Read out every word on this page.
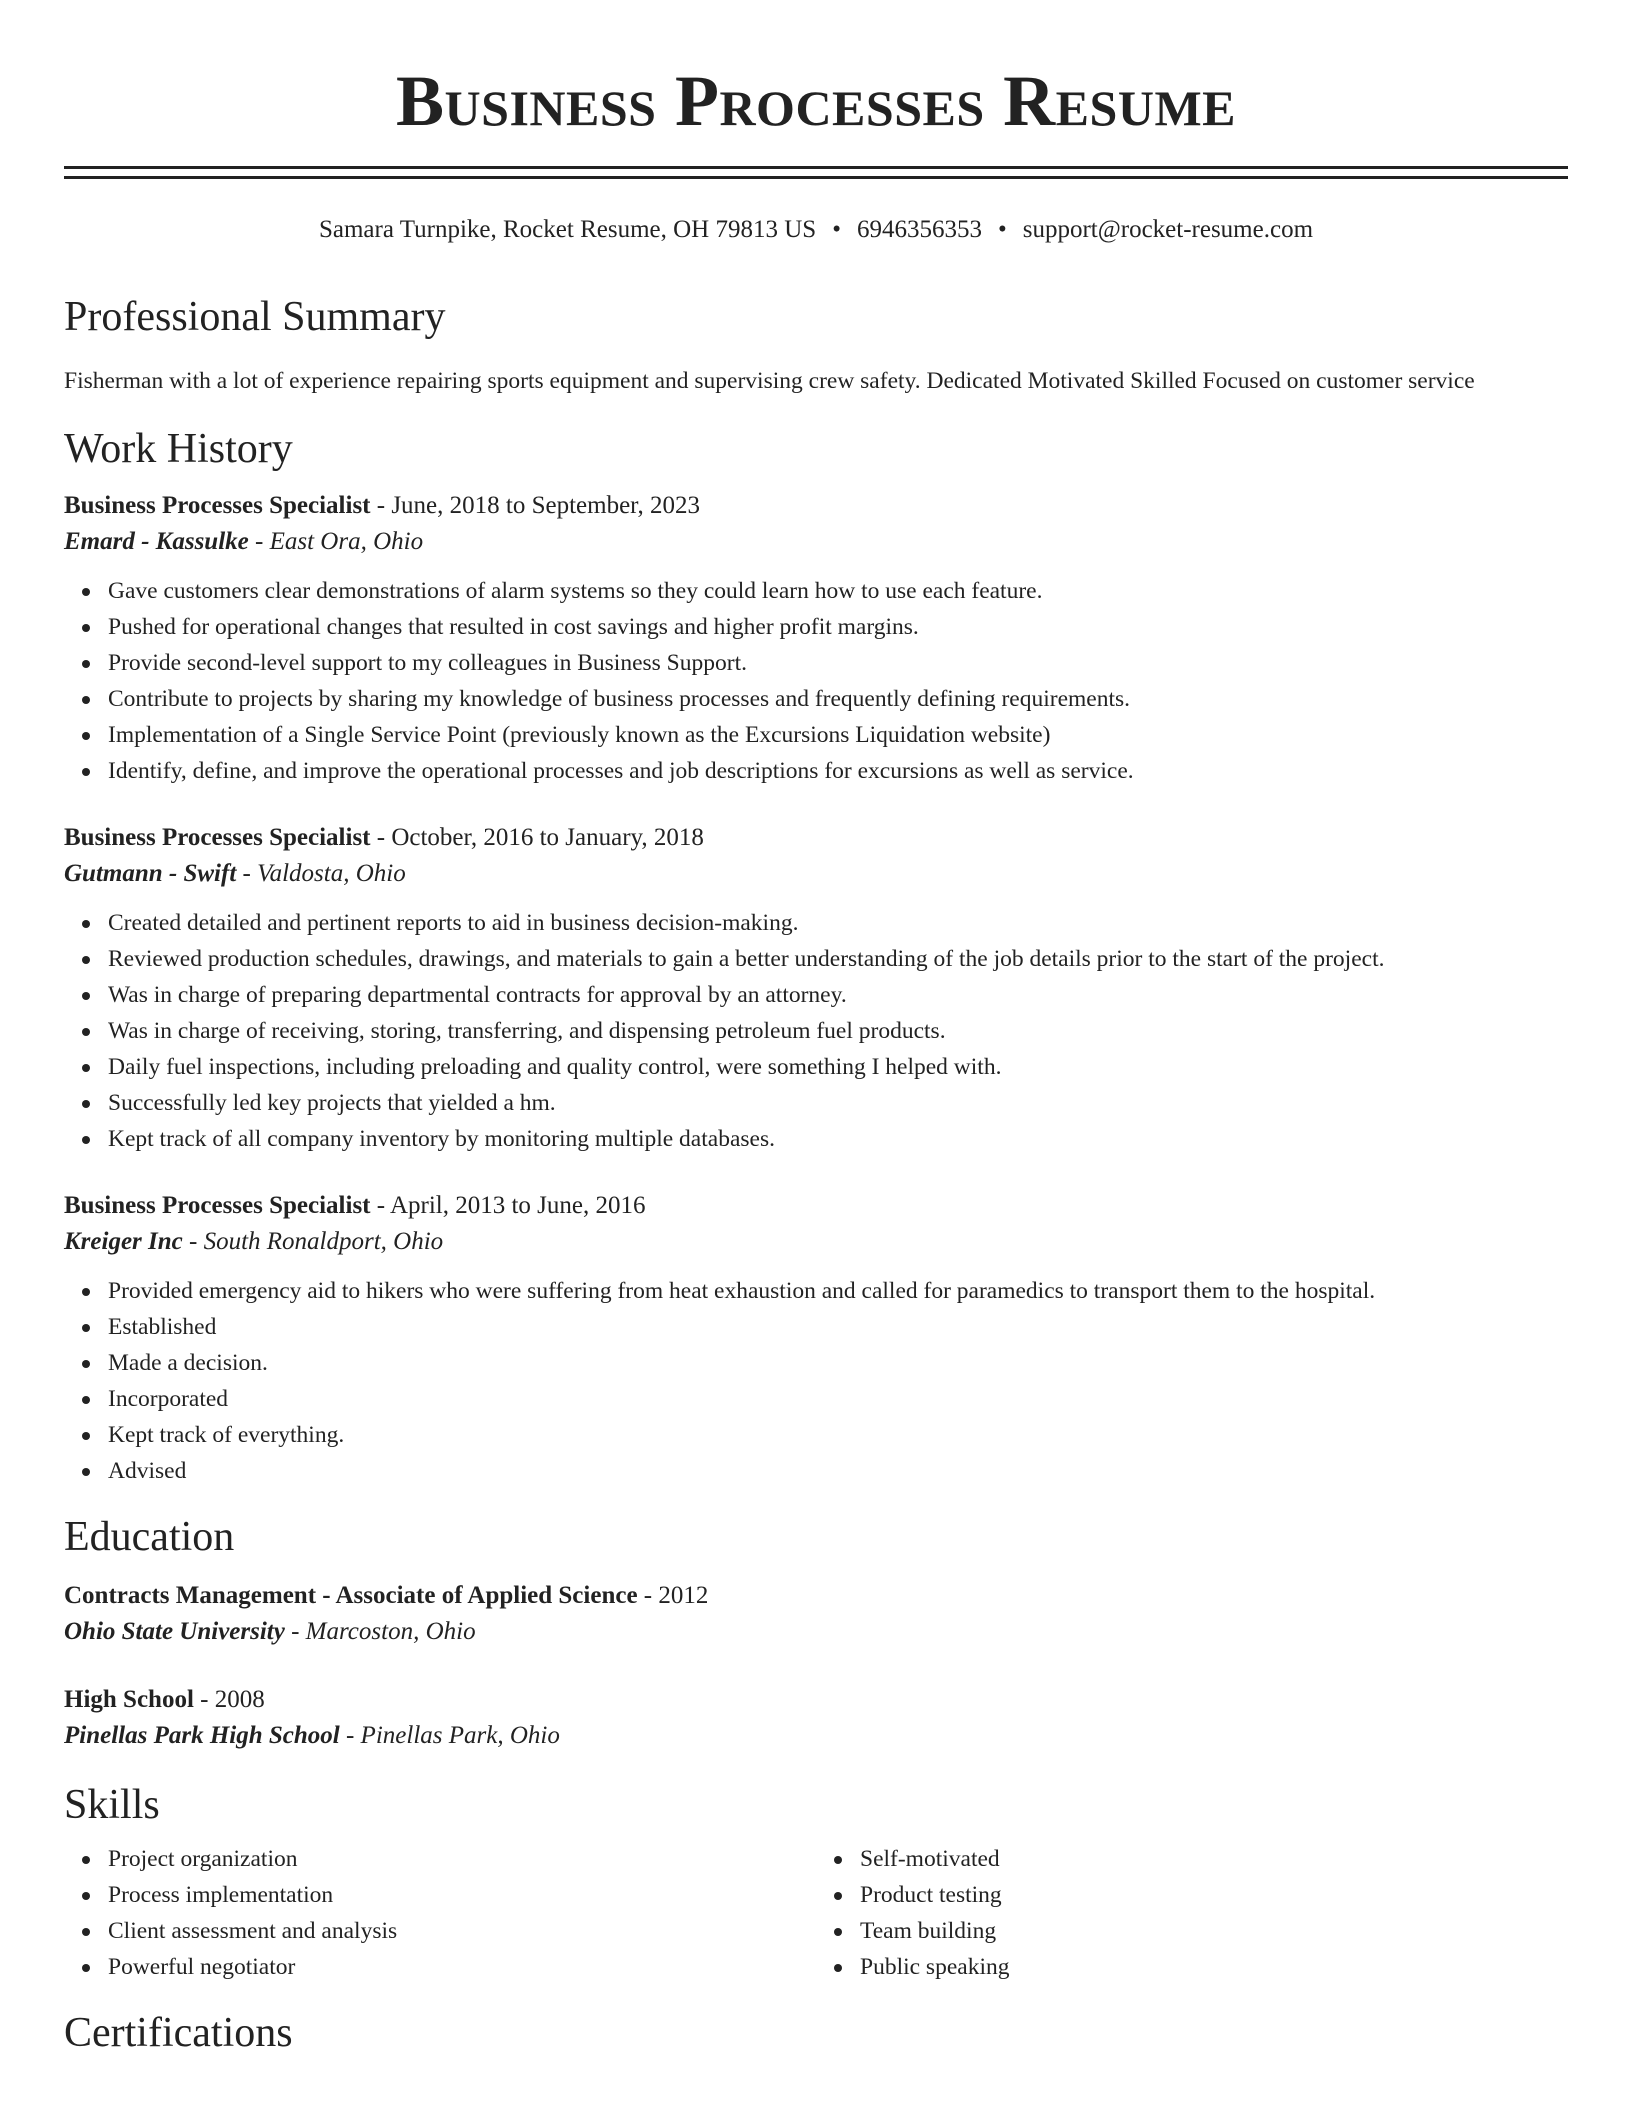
Business Processes Resume
Samara Turnpike, Rocket Resume, OH 79813 US • 6946356353 • support@rocket-resume.com
Professional Summary
Fisherman with a lot of experience repairing sports equipment and supervising crew safety. Dedicated Motivated Skilled Focused on customer service
Work History
Business Processes Specialist - June, 2018 to September, 2023
Emard - Kassulke - East Ora, Ohio
Gave customers clear demonstrations of alarm systems so they could learn how to use each feature.
Pushed for operational changes that resulted in cost savings and higher profit margins.
Provide second-level support to my colleagues in Business Support.
Contribute to projects by sharing my knowledge of business processes and frequently defining requirements.
Implementation of a Single Service Point (previously known as the Excursions Liquidation website)
Identify, define, and improve the operational processes and job descriptions for excursions as well as service.
Business Processes Specialist - October, 2016 to January, 2018
Gutmann - Swift - Valdosta, Ohio
Created detailed and pertinent reports to aid in business decision-making.
Reviewed production schedules, drawings, and materials to gain a better understanding of the job details prior to the start of the project.
Was in charge of preparing departmental contracts for approval by an attorney.
Was in charge of receiving, storing, transferring, and dispensing petroleum fuel products.
Daily fuel inspections, including preloading and quality control, were something I helped with.
Successfully led key projects that yielded a hm.
Kept track of all company inventory by monitoring multiple databases.
Business Processes Specialist - April, 2013 to June, 2016
Kreiger Inc - South Ronaldport, Ohio
Provided emergency aid to hikers who were suffering from heat exhaustion and called for paramedics to transport them to the hospital.
Established
Made a decision.
Incorporated
Kept track of everything.
Advised
Education
Contracts Management - Associate of Applied Science - 2012
Ohio State University - Marcoston, Ohio
High School - 2008
Pinellas Park High School - Pinellas Park, Ohio
Skills
Project organization
Process implementation
Client assessment and analysis
Powerful negotiator
Self-motivated
Product testing
Team building
Public speaking
Certifications
